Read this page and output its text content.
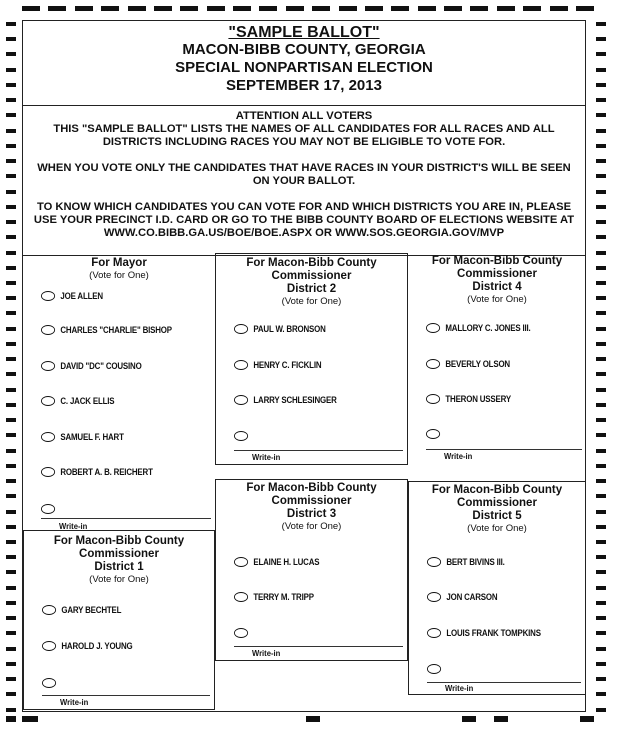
"SAMPLE BALLOT"
MACON-BIBB COUNTY, GEORGIA
SPECIAL NONPARTISAN ELECTION
SEPTEMBER 17, 2013
ATTENTION ALL VOTERS
THIS "SAMPLE BALLOT" LISTS THE NAMES OF ALL CANDIDATES FOR ALL RACES AND ALL DISTRICTS INCLUDING RACES YOU MAY NOT BE ELIGIBLE TO VOTE FOR.
WHEN YOU VOTE ONLY THE CANDIDATES THAT HAVE RACES IN YOUR DISTRICT'S WILL BE SEEN ON YOUR BALLOT.
TO KNOW WHICH CANDIDATES YOU CAN VOTE FOR AND WHICH DISTRICTS YOU ARE IN, PLEASE USE YOUR PRECINCT I.D. CARD OR GO TO THE BIBB COUNTY BOARD OF ELECTIONS WEBSITE AT WWW.CO.BIBB.GA.US/BOE/BOE.ASPX OR WWW.SOS.GEORGIA.GOV/MVP
For Mayor
(Vote for One)
JOE ALLEN
CHARLES "CHARLIE" BISHOP
DAVID "DC" COUSINO
C. JACK ELLIS
SAMUEL F. HART
ROBERT A. B. REICHERT
Write-in
For Macon-Bibb County
Commissioner
District 1
(Vote for One)
GARY BECHTEL
HAROLD J. YOUNG
Write-in
For Macon-Bibb County
Commissioner
District 2
(Vote for One)
PAUL W. BRONSON
HENRY C. FICKLIN
LARRY SCHLESINGER
Write-in
For Macon-Bibb County
Commissioner
District 3
(Vote for One)
ELAINE H. LUCAS
TERRY M. TRIPP
Write-in
For Macon-Bibb County
Commissioner
District 4
(Vote for One)
MALLORY C. JONES III.
BEVERLY OLSON
THERON USSERY
Write-in
For Macon-Bibb County
Commissioner
District 5
(Vote for One)
BERT BIVINS III.
JON CARSON
LOUIS FRANK TOMPKINS
Write-in
